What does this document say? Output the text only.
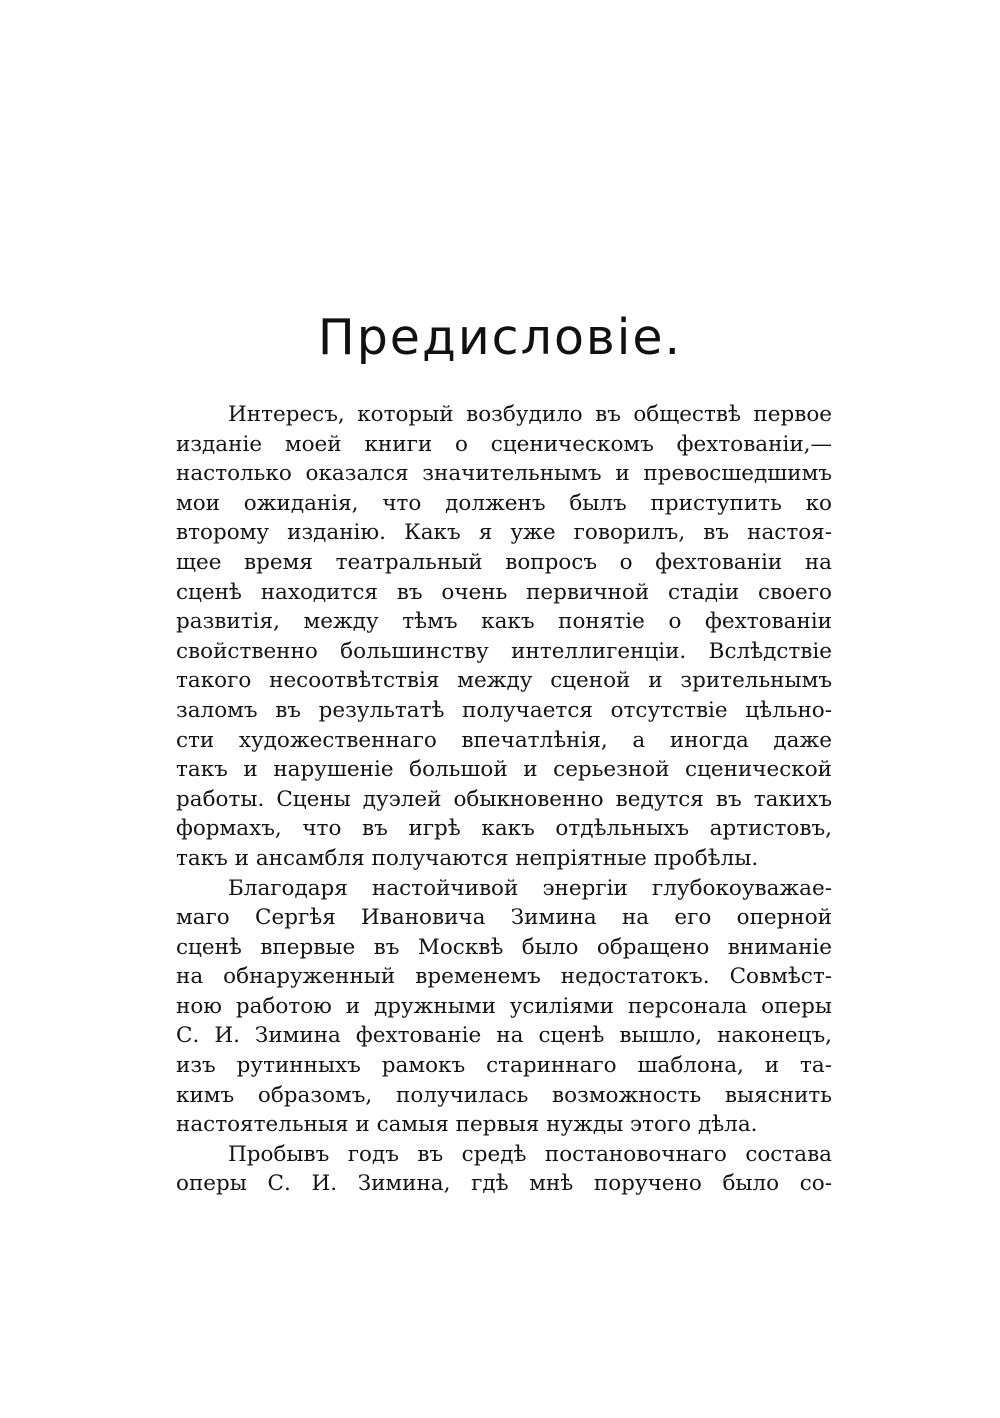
Предисловіе.
Интересъ, который возбудило въ обществѣ первое
изданіе моей книги о сценическомъ фехтованіи,—
настолько оказался значительнымъ и превосшедшимъ
мои ожиданія, что долженъ былъ приступить ко
второму изданію. Какъ я уже говорилъ, въ настоя-
щее время театральный вопросъ о фехтованіи на
сценѣ находится въ очень первичной стадіи своего
развитія, между тѣмъ какъ понятіе о фехтованіи
свойственно большинству интеллигенціи. Вслѣдствіе
такого несоотвѣтствія между сценой и зрительнымъ
заломъ въ результатѣ получается отсутствіе цѣльно-
сти художественнаго впечатлѣнія, а иногда даже
такъ и нарушеніе большой и серьезной сценической
работы. Сцены дуэлей обыкновенно ведутся въ такихъ
формахъ, что въ игрѣ какъ отдѣльныхъ артистовъ,
такъ и ансамбля получаются непріятные пробѣлы.
Благодаря настойчивой энергіи глубокоуважае-
маго Сергѣя Ивановича Зимина на его оперной
сценѣ впервые въ Москвѣ было обращено вниманіе
на обнаруженный временемъ недостатокъ. Совмѣст-
ною работою и дружными усиліями персонала оперы
С. И. Зимина фехтованіе на сценѣ вышло, наконецъ,
изъ рутинныхъ рамокъ стариннаго шаблона, и та-
кимъ образомъ, получилась возможность выяснить
настоятельныя и самыя первыя нужды этого дѣла.
Пробывъ годъ въ средѣ постановочнаго состава
оперы С. И. Зимина, гдѣ мнѣ поручено было со-
